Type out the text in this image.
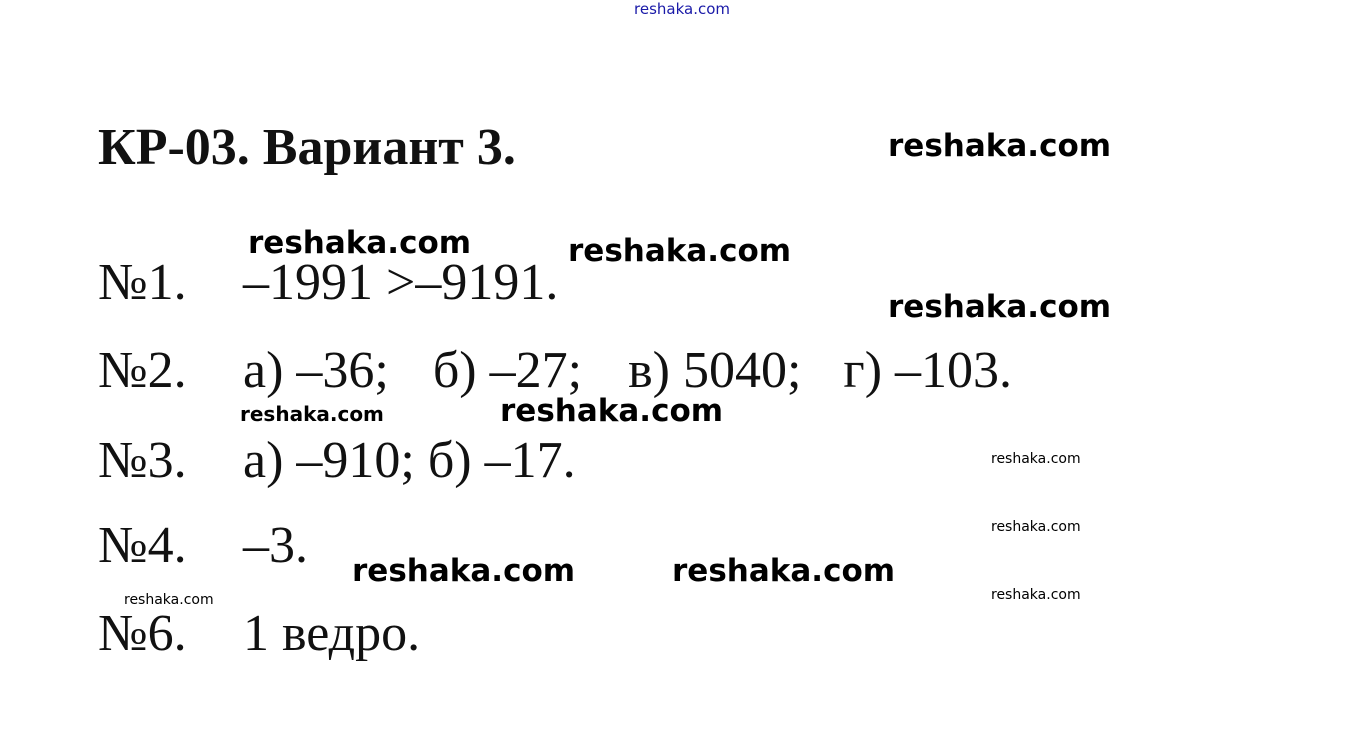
reshaka.com
reshaka.com
reshaka.com	reshaka.com
reshaka.com
reshaka.com	reshaka.com
reshaka.com
reshaka.com
reshaka.com	reshaka.com
reshaka.com
reshaka.com
КР-03. Вариант 3.
№1. –1991 >–9191.
№2. а) –36; б) –27; в) 5040; г) –103.
№3. а) –910; б) –17.
№4. –3.
№6. 1 ведро.
